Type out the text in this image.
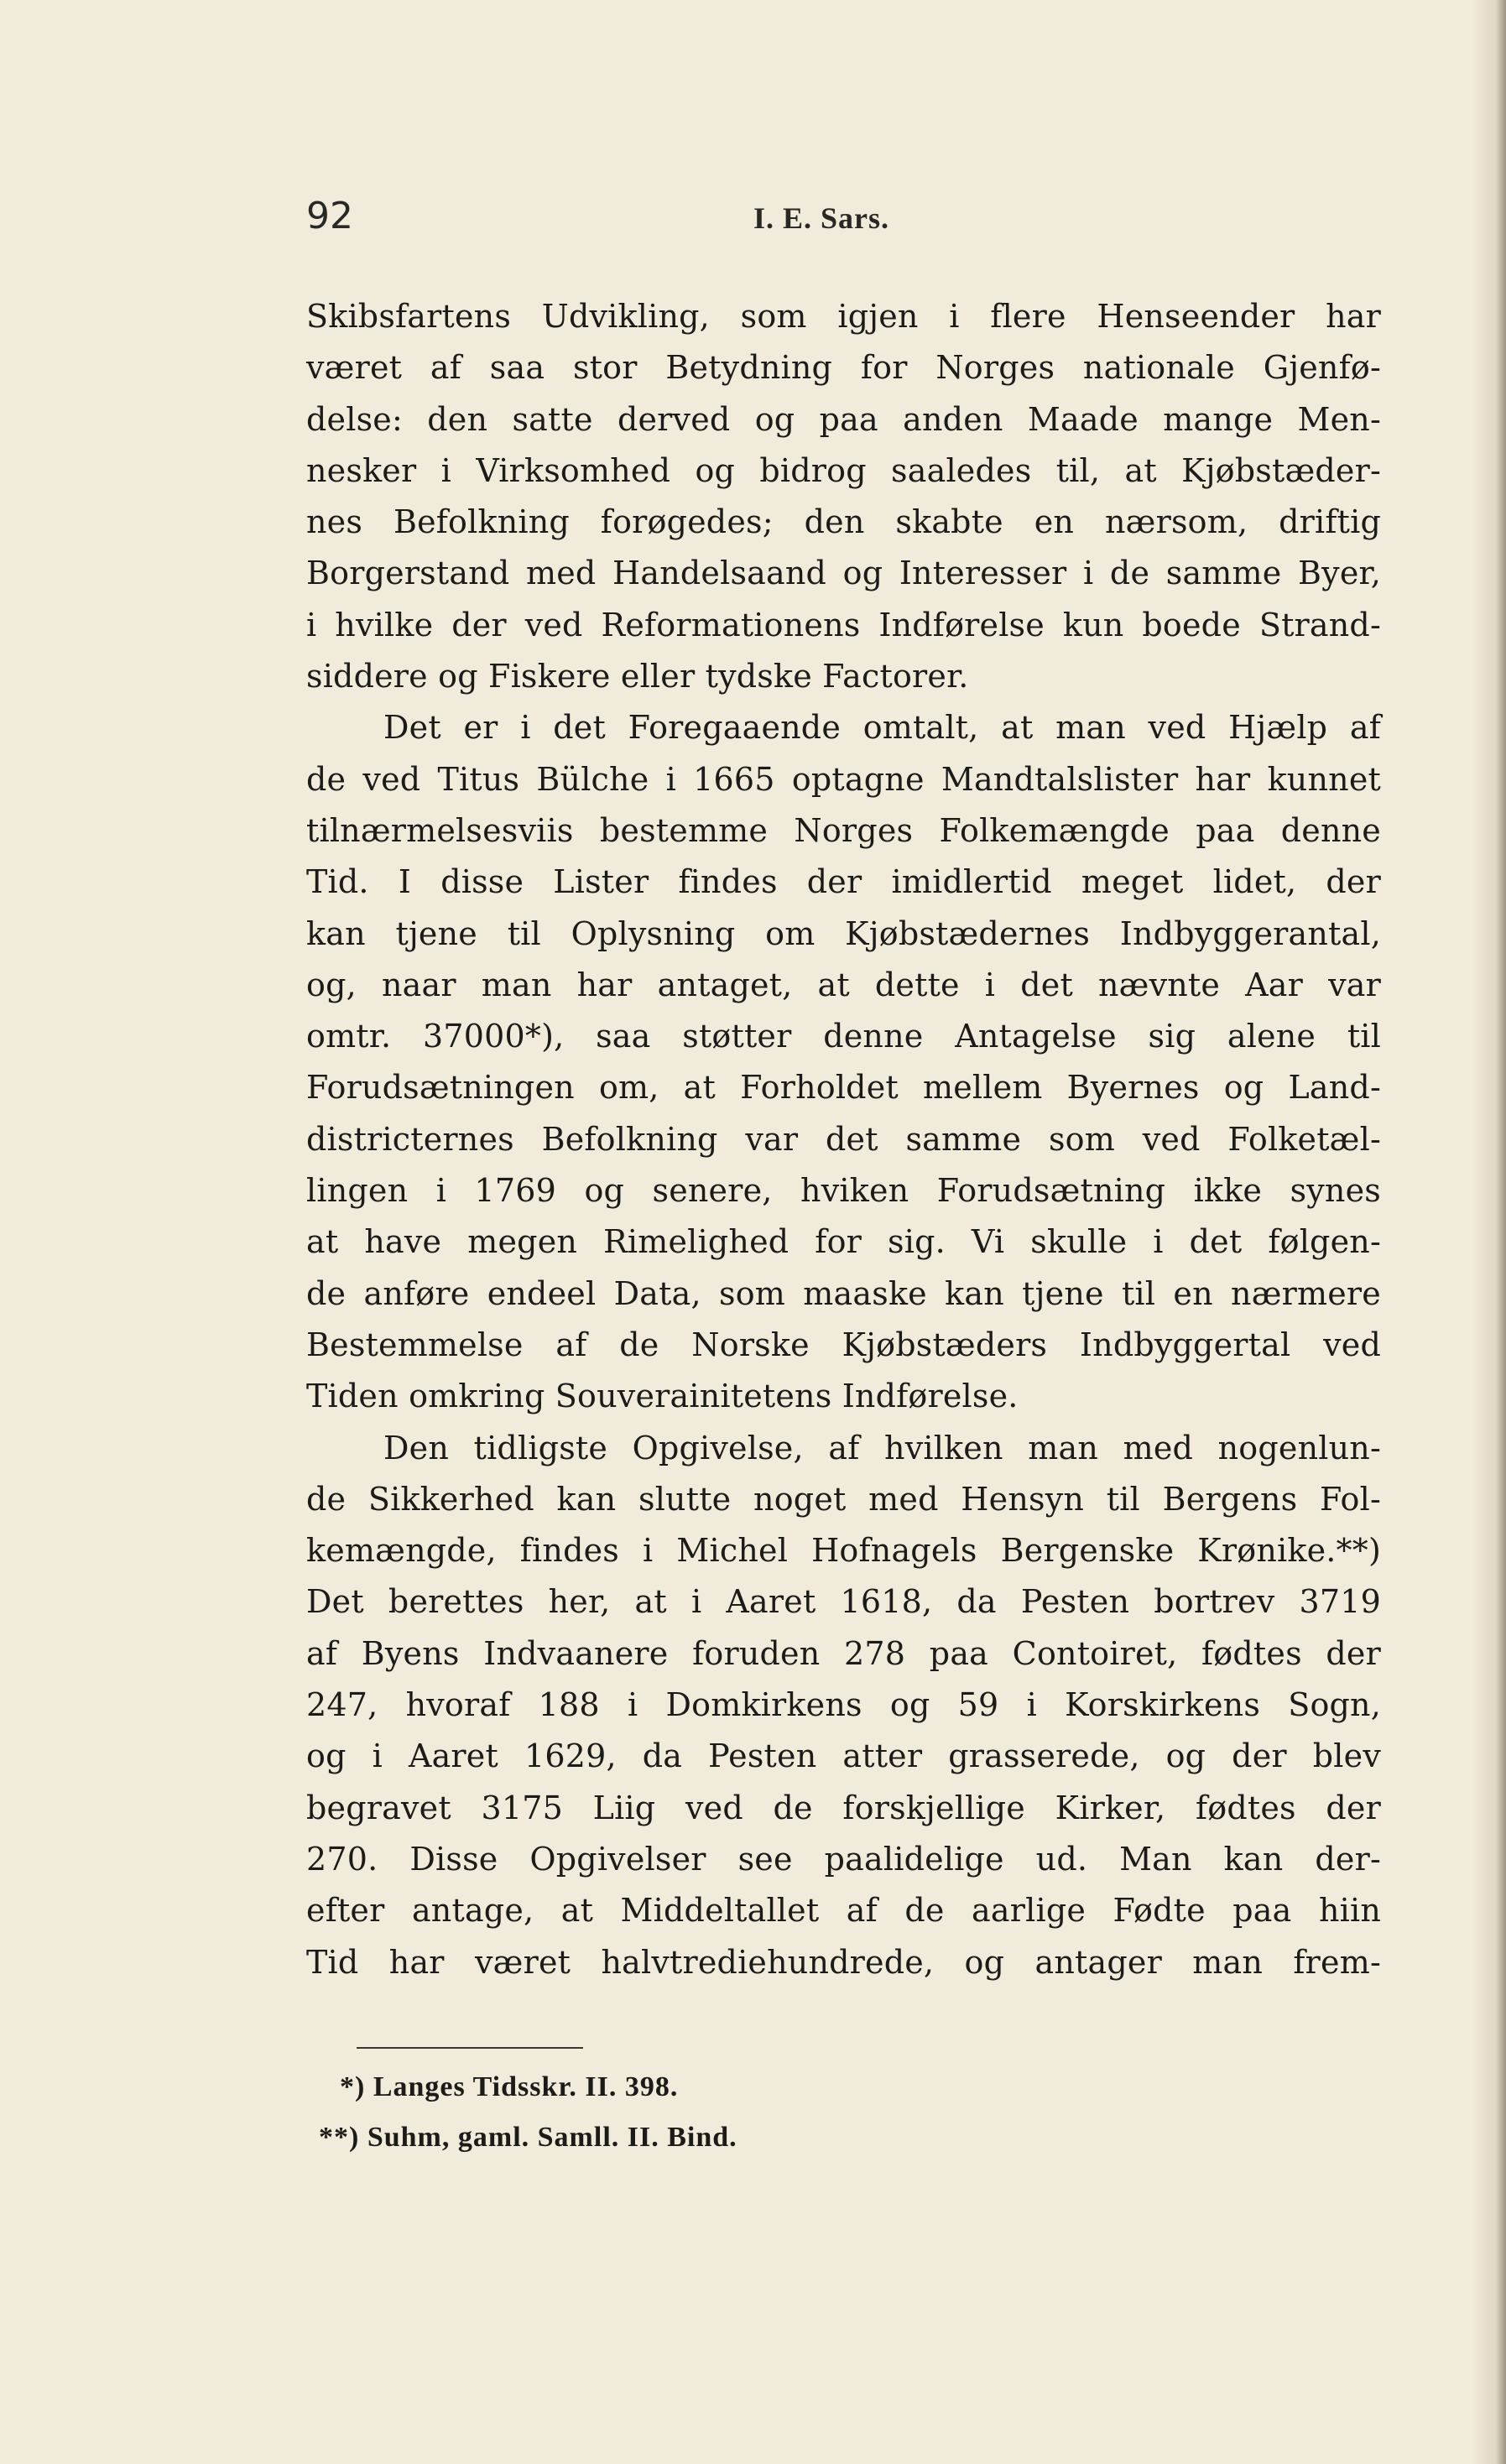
92	I. E. Sars.
Skibsfartens Udvikling, som igjen i flere Henseender har
været af saa stor Betydning for Norges nationale Gjenfø-
delse: den satte derved og paa anden Maade mange Men-
nesker i Virksomhed og bidrog saaledes til, at Kjøbstæder-
nes Befolkning forøgedes; den skabte en nærsom, driftig
Borgerstand med Handelsaand og Interesser i de samme Byer,
i hvilke der ved Reformationens Indførelse kun boede Strand-
siddere og Fiskere eller tydske Factorer.
Det er i det Foregaaende omtalt, at man ved Hjælp af
de ved Titus Bülche i 1665 optagne Mandtalslister har kunnet
tilnærmelsesviis bestemme Norges Folkemængde paa denne
Tid. I disse Lister findes der imidlertid meget lidet, der
kan tjene til Oplysning om Kjøbstædernes Indbyggerantal,
og, naar man har antaget, at dette i det nævnte Aar var
omtr. 37000*), saa støtter denne Antagelse sig alene til
Forudsætningen om, at Forholdet mellem Byernes og Land-
districternes Befolkning var det samme som ved Folketæl-
lingen i 1769 og senere, hviken Forudsætning ikke synes
at have megen Rimelighed for sig. Vi skulle i det følgen-
de anføre endeel Data, som maaske kan tjene til en nærmere
Bestemmelse af de Norske Kjøbstæders Indbyggertal ved
Tiden omkring Souverainitetens Indførelse.
Den tidligste Opgivelse, af hvilken man med nogenlun-
de Sikkerhed kan slutte noget med Hensyn til Bergens Fol-
kemængde, findes i Michel Hofnagels Bergenske Krønike.**)
Det berettes her, at i Aaret 1618, da Pesten bortrev 3719
af Byens Indvaanere foruden 278 paa Contoiret, fødtes der
247, hvoraf 188 i Domkirkens og 59 i Korskirkens Sogn,
og i Aaret 1629, da Pesten atter grasserede, og der blev
begravet 3175 Liig ved de forskjellige Kirker, fødtes der
270. Disse Opgivelser see paalidelige ud. Man kan der-
efter antage, at Middeltallet af de aarlige Fødte paa hiin
Tid har været halvtrediehundrede, og antager man frem-
*) Langes Tidsskr. II. 398.
**) Suhm, gaml. Samll. II. Bind.
